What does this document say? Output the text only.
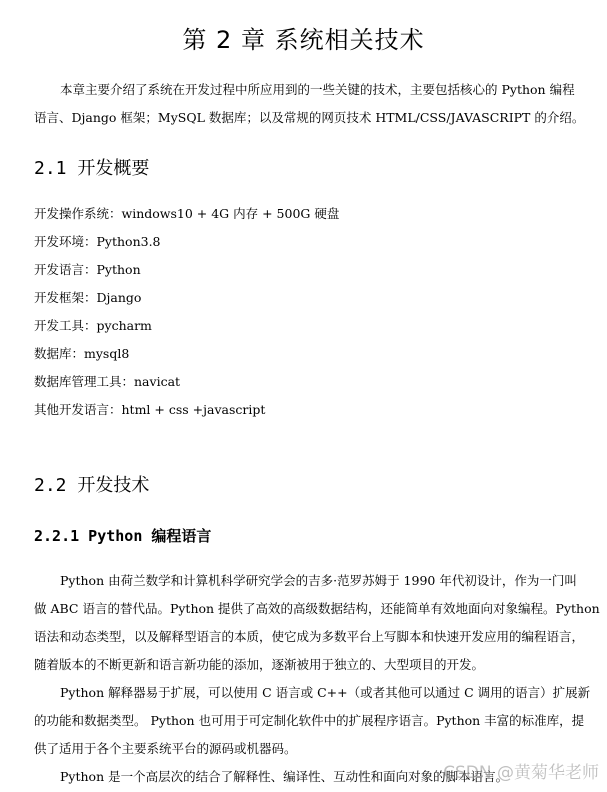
第 2 章 系统相关技术
本章主要介绍了系统在开发过程中所应用到的一些关键的技术，主要包括核心的 Python 编程
语言、Django 框架；MySQL 数据库；以及常规的网页技术 HTML/CSS/JAVASCRIPT 的介绍。
2.1 开发概要
开发操作系统：windows10 + 4G 内存 + 500G 硬盘
开发环境：Python3.8
开发语言：Python
开发框架：Django
开发工具：pycharm
数据库：mysql8
数据库管理工具：navicat
其他开发语言：html + css +javascript
2.2 开发技术
2.2.1 Python 编程语言
Python 由荷兰数学和计算机科学研究学会的吉多·范罗苏姆于 1990 年代初设计，作为一门叫
做 ABC 语言的替代品。Python 提供了高效的高级数据结构，还能简单有效地面向对象编程。Python
语法和动态类型，以及解释型语言的本质，使它成为多数平台上写脚本和快速开发应用的编程语言，
随着版本的不断更新和语言新功能的添加，逐渐被用于独立的、大型项目的开发。
Python 解释器易于扩展，可以使用 C 语言或 C++（或者其他可以通过 C 调用的语言）扩展新
的功能和数据类型。 Python 也可用于可定制化软件中的扩展程序语言。Python 丰富的标准库，提
供了适用于各个主要系统平台的源码或机器码。
Python 是一个高层次的结合了解释性、编译性、互动性和面向对象的脚本语言。
CSDN @黄菊华老师
